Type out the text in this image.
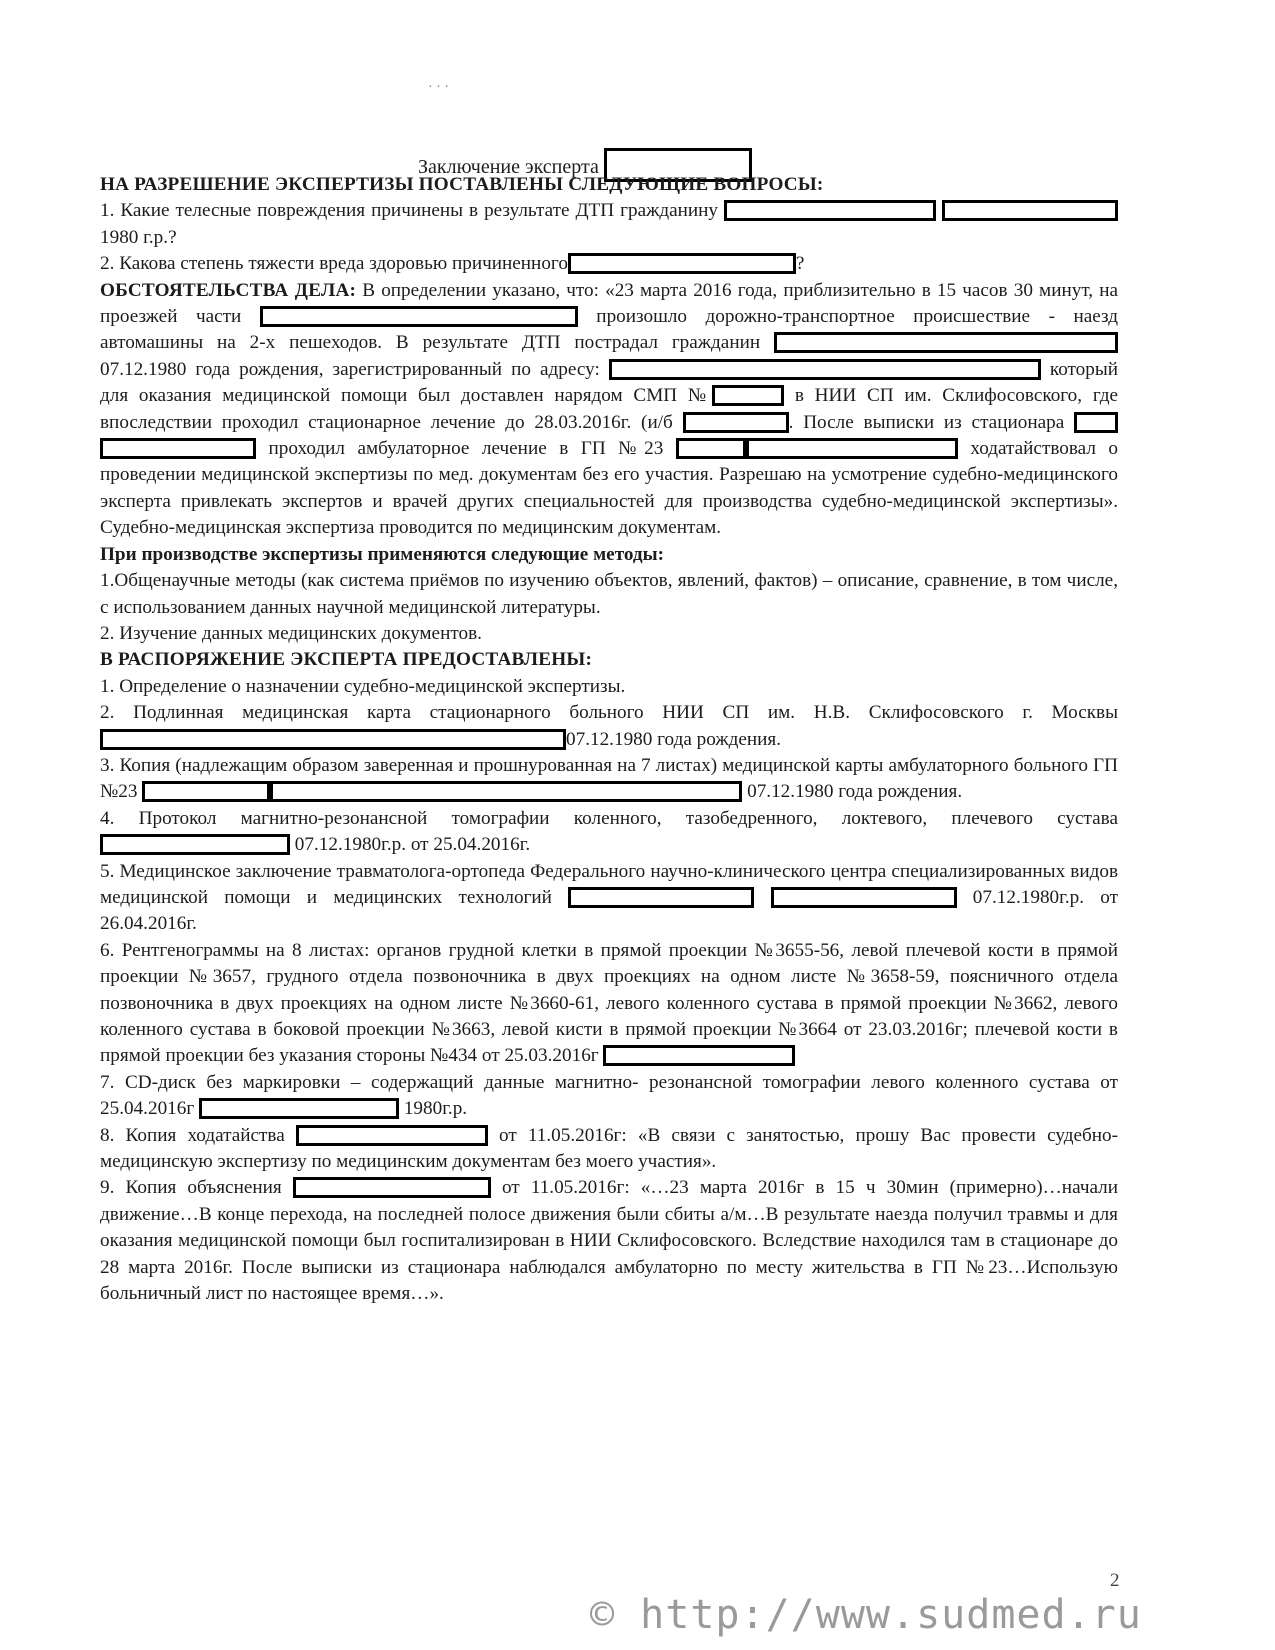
· · ·
Заключение эксперта

НА РАЗРЕШЕНИЕ ЭКСПЕРТИЗЫ ПОСТАВЛЕНЫ СЛЕДУЮЩИЕ ВОПРОСЫ:

1. Какие телесные повреждения причинены в результате ДТП гражданину  1980 г.р.?

2. Какова степень тяжести вреда здоровью причиненного	?

ОБСТОЯТЕЛЬСТВА ДЕЛА: В определении указано, что: «23 марта 2016 года, приблизительно в 15 часов 30 минут, на проезжей части	произошло дорожно-транспортное происшествие - наезд автомашины на 2-х пешеходов. В результате ДТП пострадал гражданин 07.12.1980 года рождения, зарегистрированный по адресу:	который для оказания медицинской помощи был доставлен нарядом СМП №	в НИИ СП им. Склифосовского, где впоследствии проходил стационарное лечение до 28.03.2016г. (и/б	. После выписки из стационара   проходил амбулаторное лечение в ГП №23	ходатайствовал о проведении медицинской экспертизы по мед. документам без его участия. Разрешаю на усмотрение судебно-медицинского эксперта привлекать экспертов и врачей других специальностей для производства судебно-медицинской экспертизы». Судебно-медицинская экспертиза проводится по медицинским документам.

При производстве экспертизы применяются следующие методы:

1.Общенаучные методы (как система приёмов по изучению объектов, явлений, фактов) – описание, сравнение, в том числе, с использованием данных научной медицинской литературы.

2. Изучение данных медицинских документов.

В РАСПОРЯЖЕНИЕ ЭКСПЕРТА ПРЕДОСТАВЛЕНЫ:

1. Определение о назначении судебно-медицинской экспертизы.

2. Подлинная медицинская карта стационарного больного НИИ СП им. Н.В. Склифосовского г. Москвы 07.12.1980 года рождения.

3. Копия (надлежащим образом заверенная и прошнурованная на 7 листах) медицинской карты амбулаторного больного ГП №23	07.12.1980 года рождения.

4. Протокол магнитно-резонансной томографии коленного, тазобедренного, локтевого, плечевого сустава  07.12.1980г.р. от 25.04.2016г.

5. Медицинское заключение травматолога-ортопеда Федерального научно-клинического центра специализированных видов медицинской помощи и медицинских технологий	07.12.1980г.р. от 26.04.2016г.

6. Рентгенограммы на 8 листах: органов грудной клетки в прямой проекции №3655-56, левой плечевой кости в прямой проекции №3657, грудного отдела позвоночника в двух проекциях на одном листе №3658-59, поясничного отдела позвоночника в двух проекциях на одном листе №3660-61, левого коленного сустава в прямой проекции №3662, левого коленного сустава в боковой проекции №3663, левой кисти в прямой проекции №3664 от 23.03.2016г; плечевой кости в прямой проекции без указания стороны №434 от 25.03.2016г

7. CD-диск без маркировки – содержащий данные магнитно- резонансной томографии левого коленного сустава от 25.04.2016г	1980г.р.

8. Копия ходатайства	от 11.05.2016г: «В связи с занятостью, прошу Вас провести судебно-медицинскую экспертизу по медицинским документам без моего участия».

9. Копия объяснения	от 11.05.2016г: «…23 марта 2016г в 15 ч 30мин (примерно)…начали движение…В конце перехода, на последней полосе движения были сбиты а/м…В результате наезда получил травмы и для оказания медицинской помощи был госпитализирован в НИИ Склифосовского. Вследствие находился там в стационаре до 28 марта 2016г. После выписки из стационара наблюдался амбулаторно по месту жительства в ГП №23…Использую больничный лист по настоящее время…».

2
© http://www.sudmed.ru
